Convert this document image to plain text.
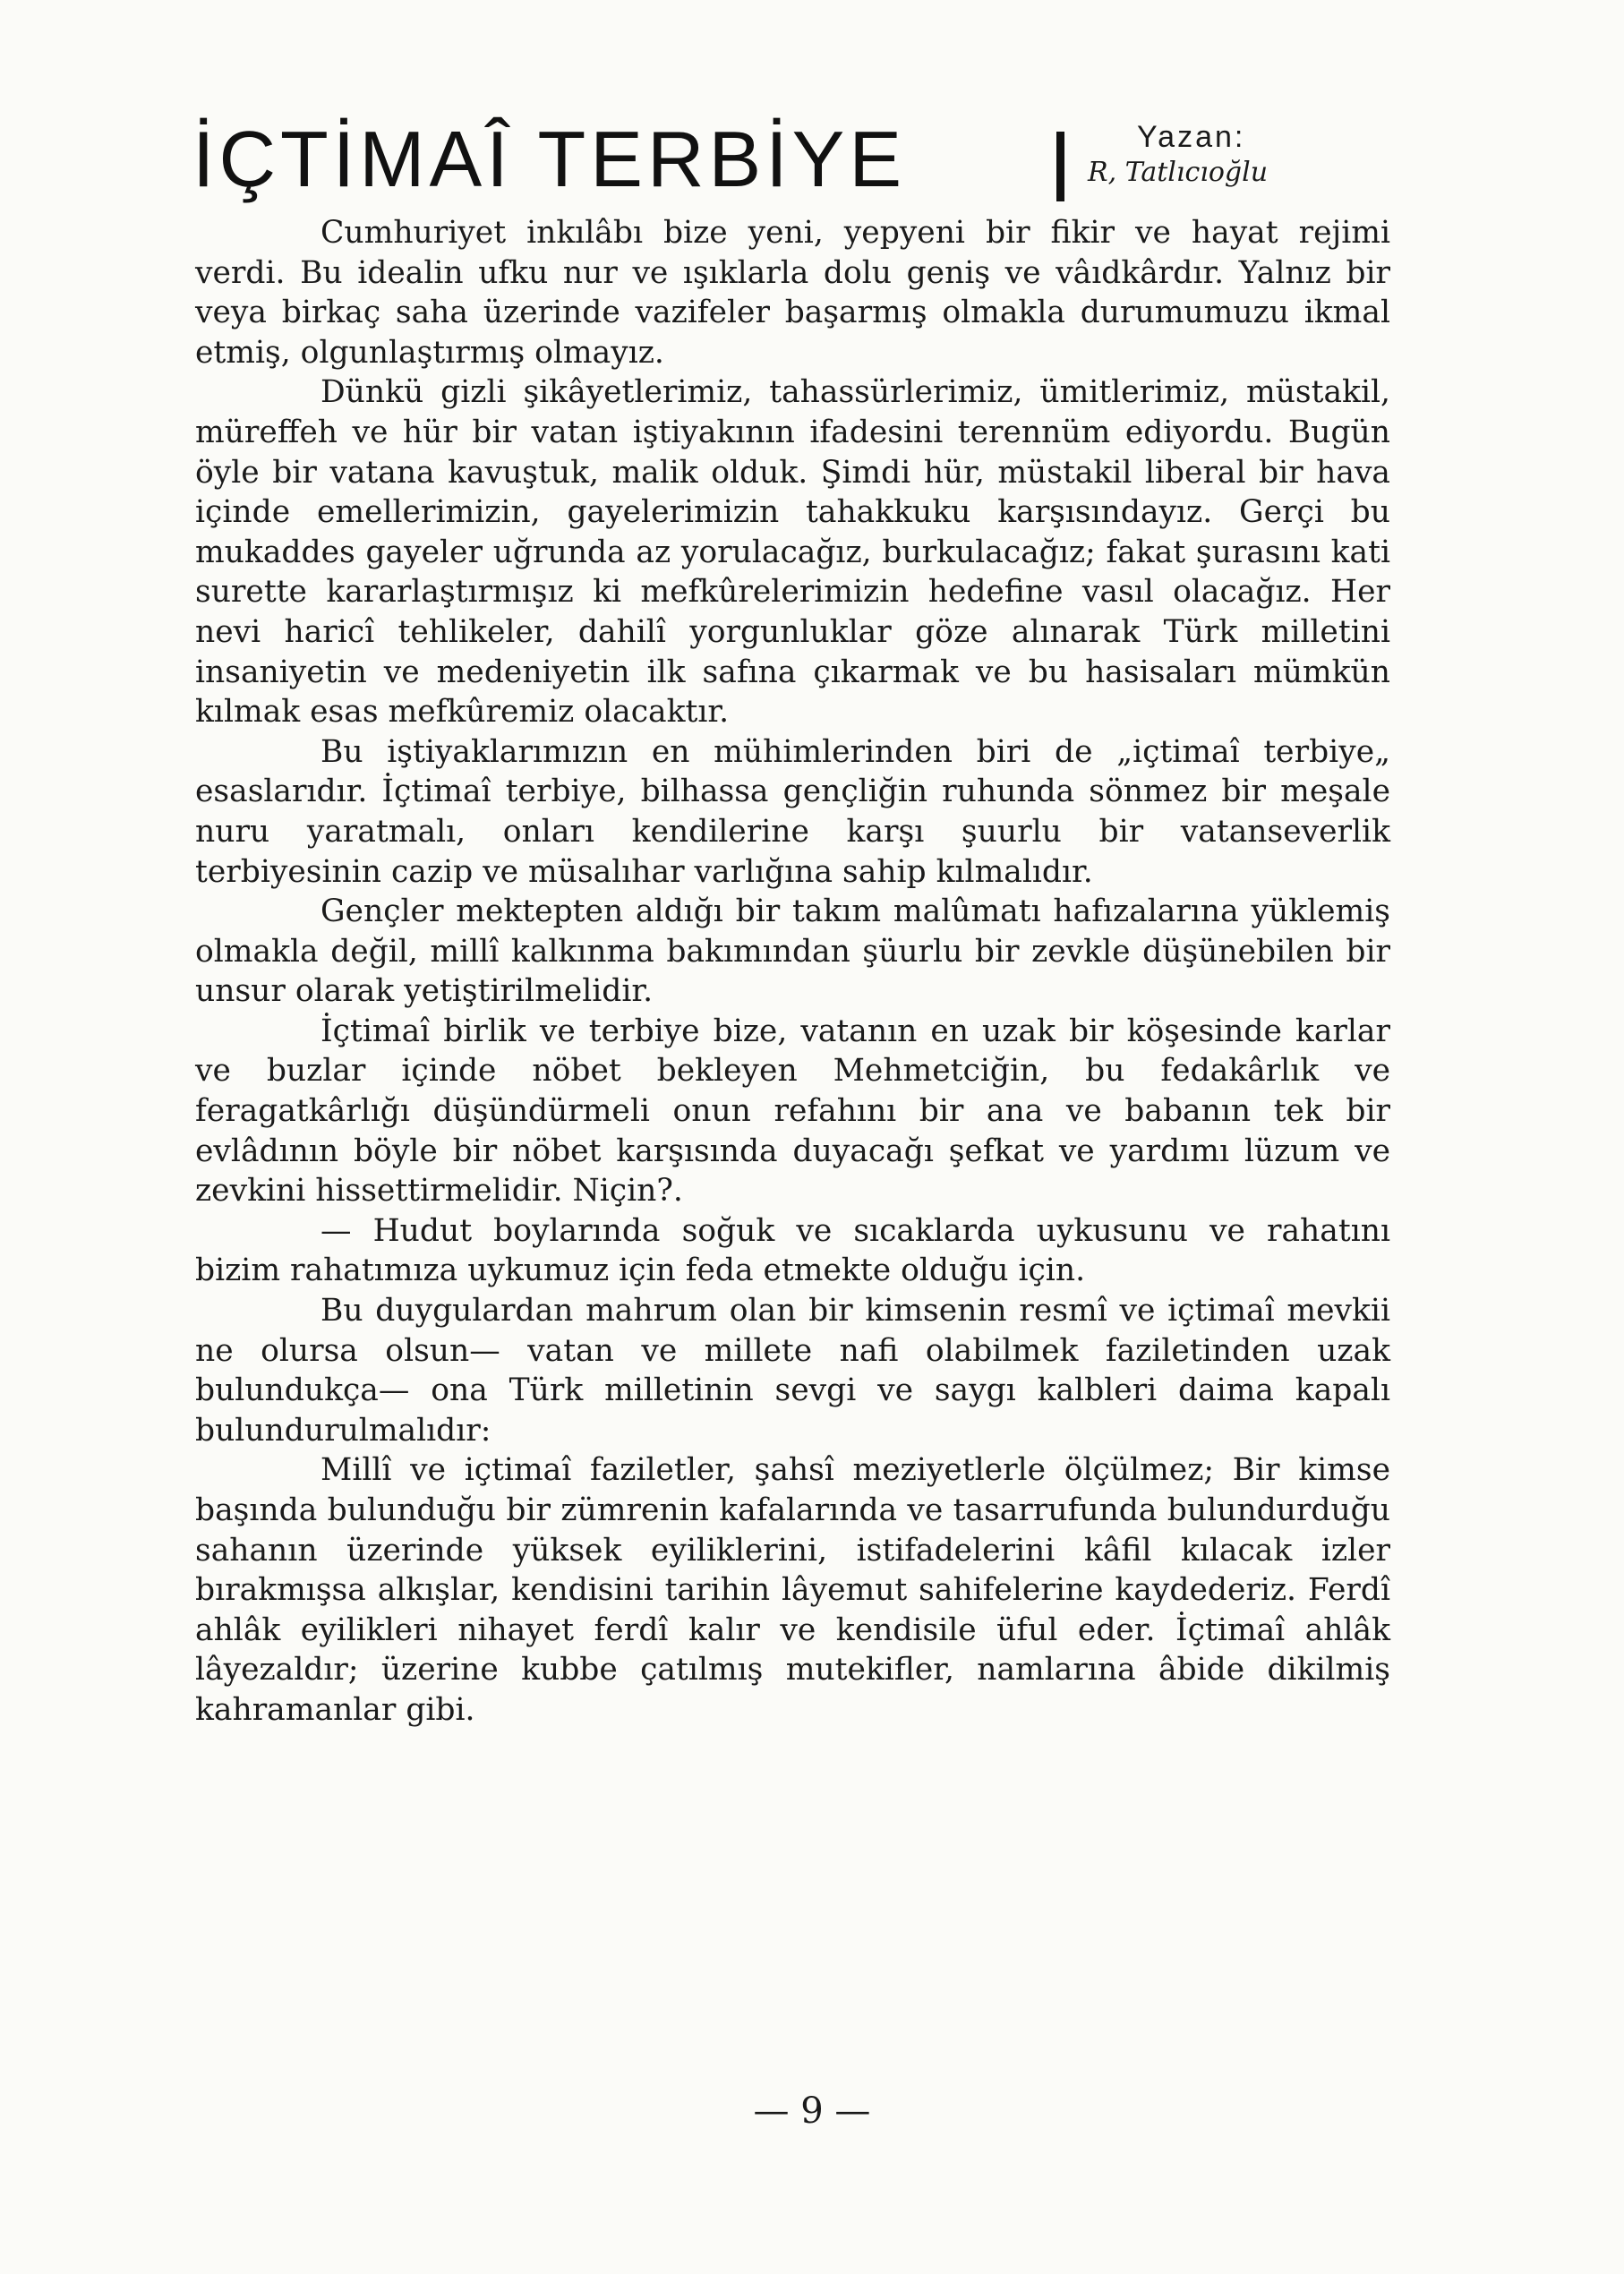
İÇTİMAÎ TERBİYE	Yazan:
R, Tatlıcıoğlu

Cumhuriyet inkılâbı bize yeni, yepyeni bir fikir ve hayat rejimi verdi. Bu idealin ufku nur ve ışıklarla dolu geniş ve vâıdkârdır. Yalnız bir veya birkaç saha üzerinde vazifeler başarmış olmakla durumumuzu ikmal etmiş, olgunlaştırmış olmayız.

Dünkü gizli şikâyetlerimiz, tahassürlerimiz, ümitlerimiz, müstakil, müreffeh ve hür bir vatan iştiyakının ifadesini terennüm ediyordu. Bugün öyle bir vatana kavuştuk, malik olduk. Şimdi hür, müstakil liberal bir hava içinde emellerimizin, gayelerimizin tahakkuku karşısındayız. Gerçi bu mukaddes gayeler uğrunda az yorulacağız, burkulacağız; fakat şurasını kati surette kararlaştırmışız ki mefkûrelerimizin hedefine vasıl olacağız. Her nevi haricî tehlikeler, dahilî yorgunluklar göze alınarak Türk milletini insaniyetin ve medeniyetin ilk safına çıkarmak ve bu hasisaları mümkün kılmak esas mefkûremiz olacaktır.

Bu iştiyaklarımızın en mühimlerinden biri de „içtimaî terbiye„ esaslarıdır. İçtimaî terbiye, bilhassa gençliğin ruhunda sönmez bir meşale nuru yaratmalı, onları kendilerine karşı şuurlu bir vatanseverlik terbiyesinin cazip ve müsalıhar varlığına sahip kılmalıdır.

Gençler mektepten aldığı bir takım malûmatı hafızalarına yüklemiş olmakla değil, millî kalkınma bakımından şüurlu bir zevkle düşünebilen bir unsur olarak yetiştirilmelidir.

İçtimaî birlik ve terbiye bize, vatanın en uzak bir köşesinde karlar ve buzlar içinde nöbet bekleyen Mehmetciğin, bu fedakârlık ve feragatkârlığı düşündürmeli onun refahını bir ana ve babanın tek bir evlâdının böyle bir nöbet karşısında duyacağı şefkat ve yardımı lüzum ve zevkini hissettirmelidir. Niçin?.

— Hudut boylarında soğuk ve sıcaklarda uykusunu ve rahatını bizim rahatımıza uykumuz için feda etmekte olduğu için.

Bu duygulardan mahrum olan bir kimsenin resmî ve içtimaî mevkii ne olursa olsun— vatan ve millete nafi olabilmek faziletinden uzak bulundukça— ona Türk milletinin sevgi ve saygı kalbleri daima kapalı bulundurulmalıdır:

Millî ve içtimaî faziletler, şahsî meziyetlerle ölçülmez; Bir kimse başında bulunduğu bir zümrenin kafalarında ve tasarrufunda bulundurduğu sahanın üzerinde yüksek eyiliklerini, istifadelerini kâfil kılacak izler bırakmışsa alkışlar, kendisini tarihin lâyemut sahifelerine kaydederiz. Ferdî ahlâk eyilikleri nihayet ferdî kalır ve kendisile üful eder. İçtimaî ahlâk lâyezaldır; üzerine kubbe çatılmış mutekifler, namlarına âbide dikilmiş kahramanlar gibi.

— 9 —
